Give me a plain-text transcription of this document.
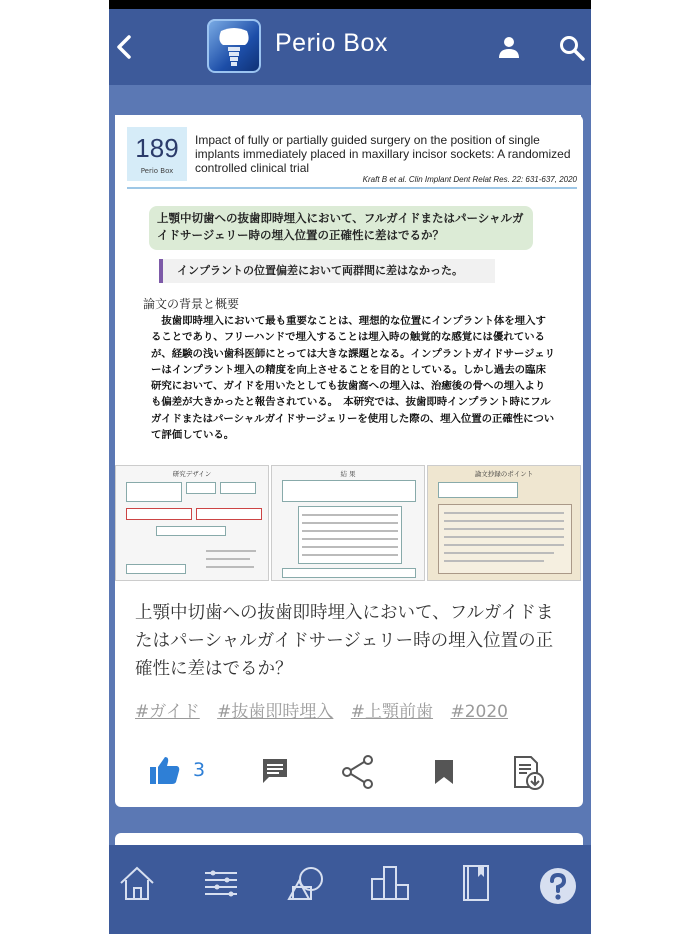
Perio Box
189
Perio Box
Impact of fully or partially guided surgery on the position of single implants immediately placed in maxillary incisor sockets: A randomized controlled clinical trial
Kraft B et al. Clin Implant Dent Relat Res. 22: 631-637, 2020
上顎中切歯への抜歯即時埋入において、フルガイドまたはパーシャルガイドサージェリー時の埋入位置の正確性に差はでるか？
インプラントの位置偏差において両群間に差はなかった。
論文の背景と概要
　抜歯即時埋入において最も重要なことは、理想的な位置にインプラント体を埋入することであり、フリーハンドで埋入することは埋入時の触覚的な感覚には優れているが、経験の浅い歯科医師にとっては大きな課題となる。インプラントガイドサージェリーはインプラント埋入の精度を向上させることを目的としている。しかし過去の臨床研究において、ガイドを用いたとしても抜歯窩への埋入は、治癒後の骨への埋入よりも偏差が大きかったと報告されている。　本研究では、抜歯即時インプラント時にフルガイドまたはパーシャルガイドサージェリーを使用した際の、埋入位置の正確性について評価している。
研究デザイン	結 果	論文抄録のポイント
上顎中切歯への抜歯即時埋入において、フルガイドまたはパーシャルガイドサージェリー時の埋入位置の正確性に差はでるか？
#ガイド #抜歯即時埋入 #上顎前歯 #2020
3
